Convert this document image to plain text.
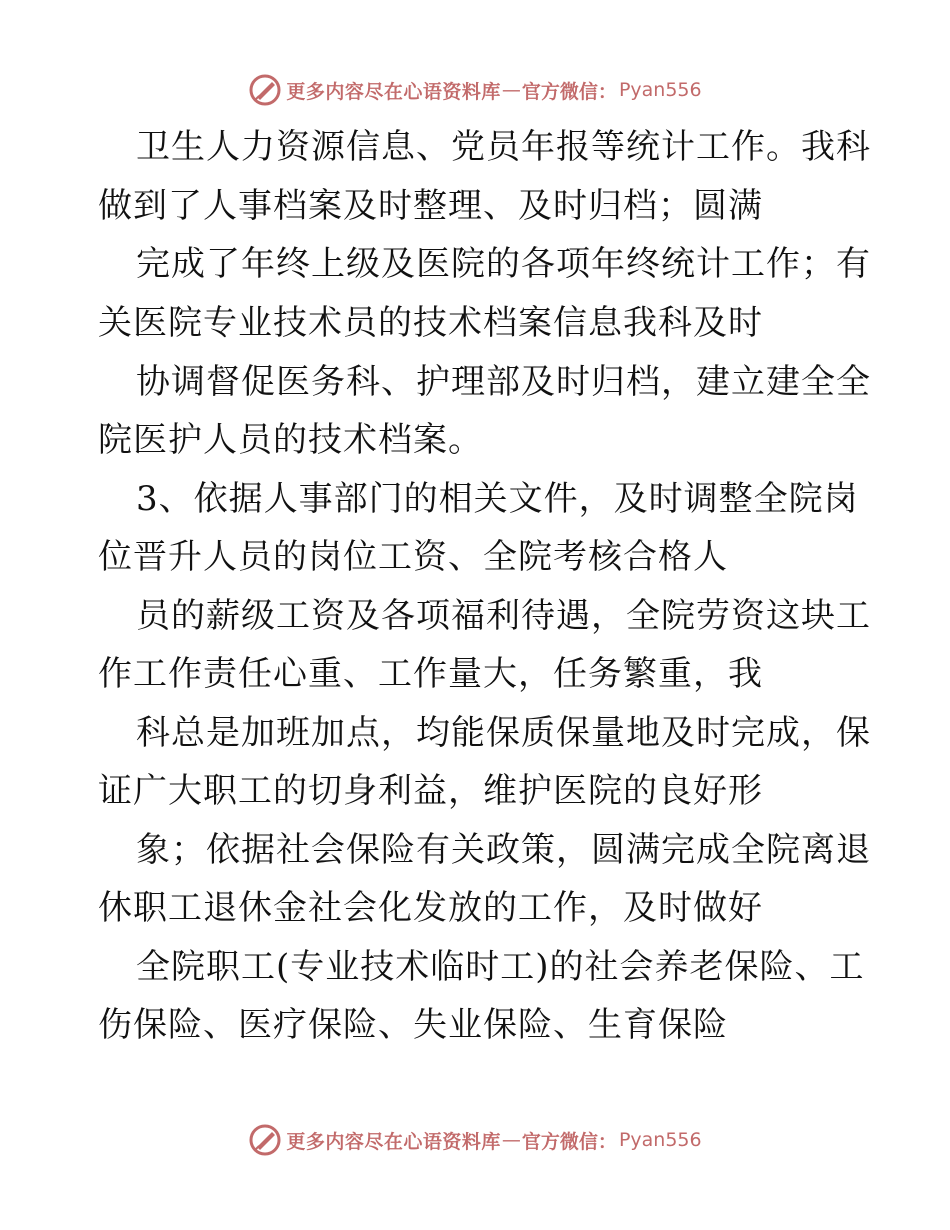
更多内容尽在心语资料库 — 官方微信： Pyan556
卫生人力资源信息、党员年报等统计工作。我科
做到了人事档案及时整理、及时归档；圆满
完成了年终上级及医院的各项年终统计工作；有
关医院专业技术员的技术档案信息我科及时
协调督促医务科、护理部及时归档，建立建全全
院医护人员的技术档案。
3、依据人事部门的相关文件，及时调整全院岗
位晋升人员的岗位工资、全院考核合格人
员的薪级工资及各项福利待遇，全院劳资这块工
作工作责任心重、工作量大，任务繁重，我
科总是加班加点，均能保质保量地及时完成，保
证广大职工的切身利益，维护医院的良好形
象；依据社会保险有关政策，圆满完成全院离退
休职工退休金社会化发放的工作，及时做好
全院职工(专业技术临时工)的社会养老保险、工
伤保险、医疗保险、失业保险、生育保险
更多内容尽在心语资料库 — 官方微信： Pyan556
